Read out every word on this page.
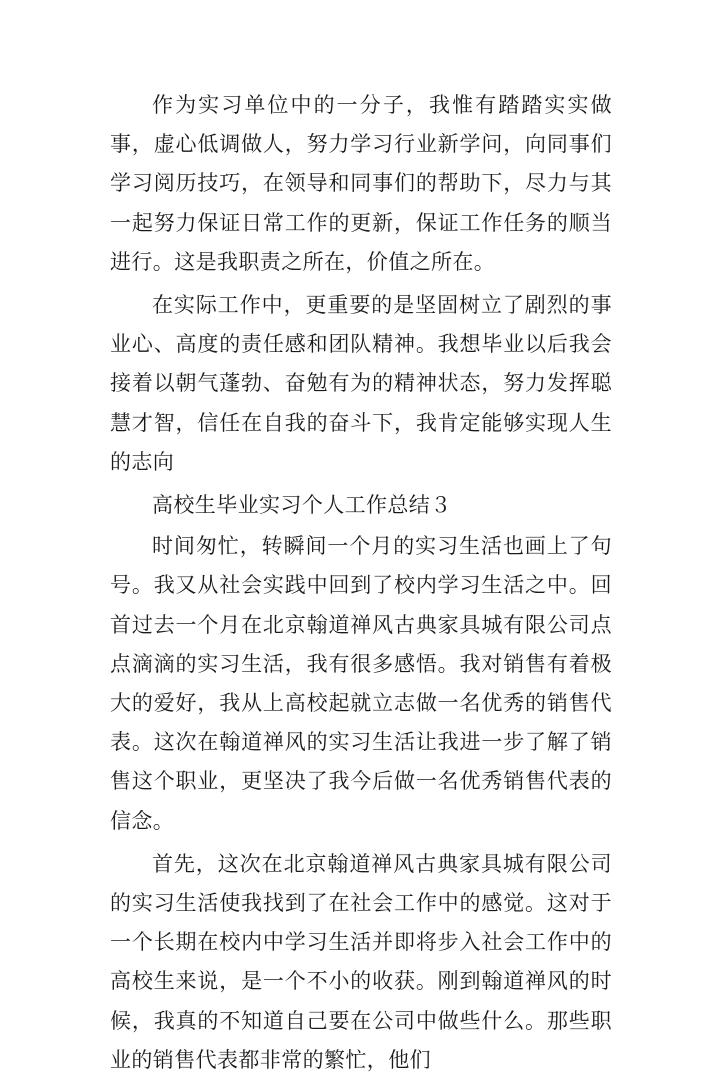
作为实习单位中的一分子，我惟有踏踏实实做事，虚心低调做人，努力学习行业新学问，向同事们学习阅历技巧，在领导和同事们的帮助下，尽力与其一起努力保证日常工作的更新，保证工作任务的顺当进行。这是我职责之所在，价值之所在。

在实际工作中，更重要的是坚固树立了剧烈的事业心、高度的责任感和团队精神。我想毕业以后我会接着以朝气蓬勃、奋勉有为的精神状态，努力发挥聪慧才智，信任在自我的奋斗下，我肯定能够实现人生的志向

高校生毕业实习个人工作总结３

时间匆忙，转瞬间一个月的实习生活也画上了句号。我又从社会实践中回到了校内学习生活之中。回首过去一个月在北京翰道禅风古典家具城有限公司点点滴滴的实习生活，我有很多感悟。我对销售有着极大的爱好，我从上高校起就立志做一名优秀的销售代表。这次在翰道禅风的实习生活让我进一步了解了销售这个职业，更坚决了我今后做一名优秀销售代表的信念。

首先，这次在北京翰道禅风古典家具城有限公司的实习生活使我找到了在社会工作中的感觉。这对于一个长期在校内中学习生活并即将步入社会工作中的高校生来说，是一个不小的收获。刚到翰道禅风的时候，我真的不知道自己要在公司中做些什么。那些职业的销售代表都非常的繁忙，他们
